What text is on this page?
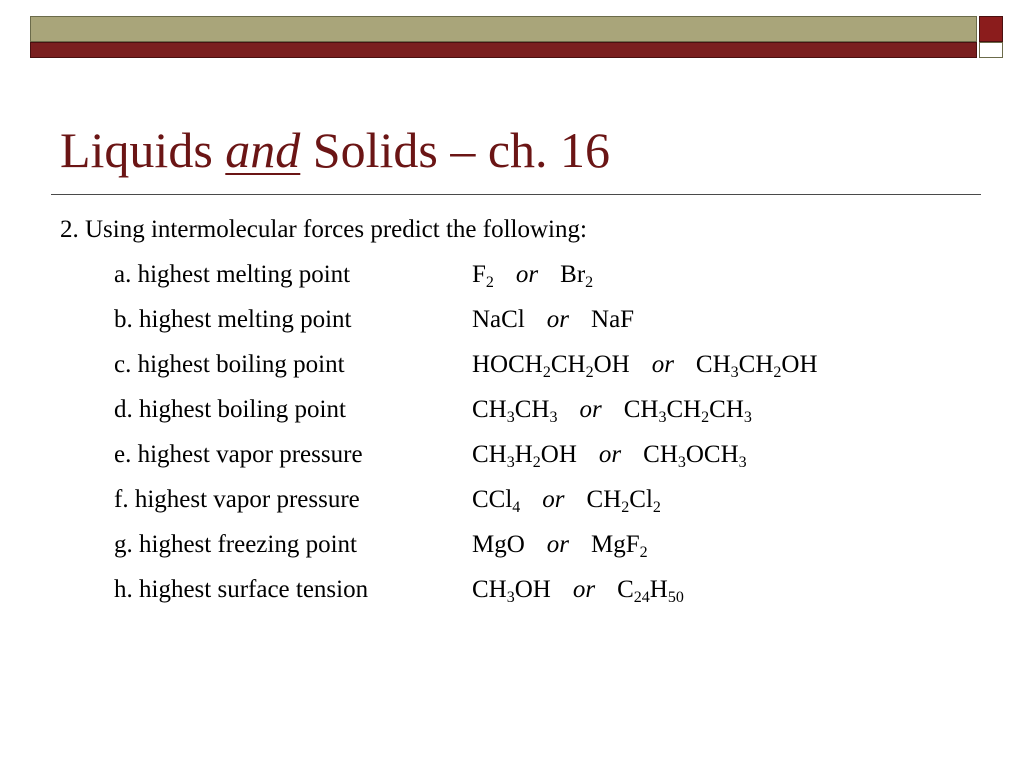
Liquids and Solids – ch. 16
2. Using intermolecular forces predict the following:
a. highest melting point	$F_2$ or $Br_2$
b. highest melting point	NaCl or NaF
c. highest boiling point	$HOCH_2CH_2OH$ or $CH_3CH_2OH$
d. highest boiling point	$CH_3CH_3$ or $CH_3CH_2CH_3$
e. highest vapor pressure	$CH_3H_2OH$ or $CH_3OCH_3$
f. highest vapor pressure	CCl$_4$ or $CH_2Cl_2$
g. highest freezing point	MgO or MgF$_2$
h. highest surface tension	$CH_3OH$ or $C_{24}H_{50}$
